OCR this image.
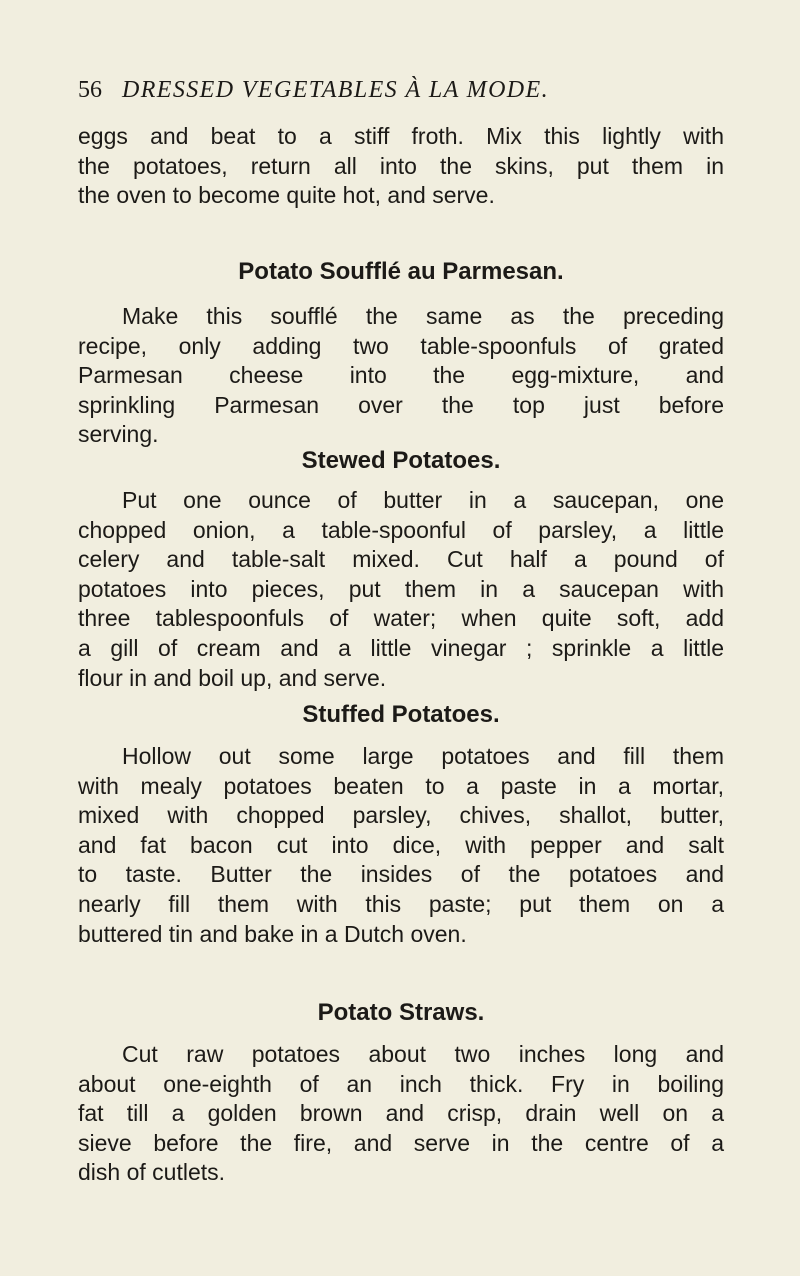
56 DRESSED VEGETABLES À LA MODE.

eggs and beat to a stiff froth. Mix this lightly with
the potatoes, return all into the skins, put them in
the oven to become quite hot, and serve.

Potato Soufflé au Parmesan.

Make this soufflé the same as the preceding
recipe, only adding two table-spoonfuls of grated
Parmesan cheese into the egg-mixture, and
sprinkling Parmesan over the top just before
serving.

Stewed Potatoes.

Put one ounce of butter in a saucepan, one
chopped onion, a table-spoonful of parsley, a little
celery and table-salt mixed. Cut half a pound of
potatoes into pieces, put them in a saucepan with
three tablespoonfuls of water; when quite soft, add
a gill of cream and a little vinegar ; sprinkle a little
flour in and boil up, and serve.

Stuffed Potatoes.

Hollow out some large potatoes and fill them
with mealy potatoes beaten to a paste in a mortar,
mixed with chopped parsley, chives, shallot, butter,
and fat bacon cut into dice, with pepper and salt
to taste. Butter the insides of the potatoes and
nearly fill them with this paste; put them on a
buttered tin and bake in a Dutch oven.

Potato Straws.

Cut raw potatoes about two inches long and
about one-eighth of an inch thick. Fry in boiling
fat till a golden brown and crisp, drain well on a
sieve before the fire, and serve in the centre of a
dish of cutlets.
